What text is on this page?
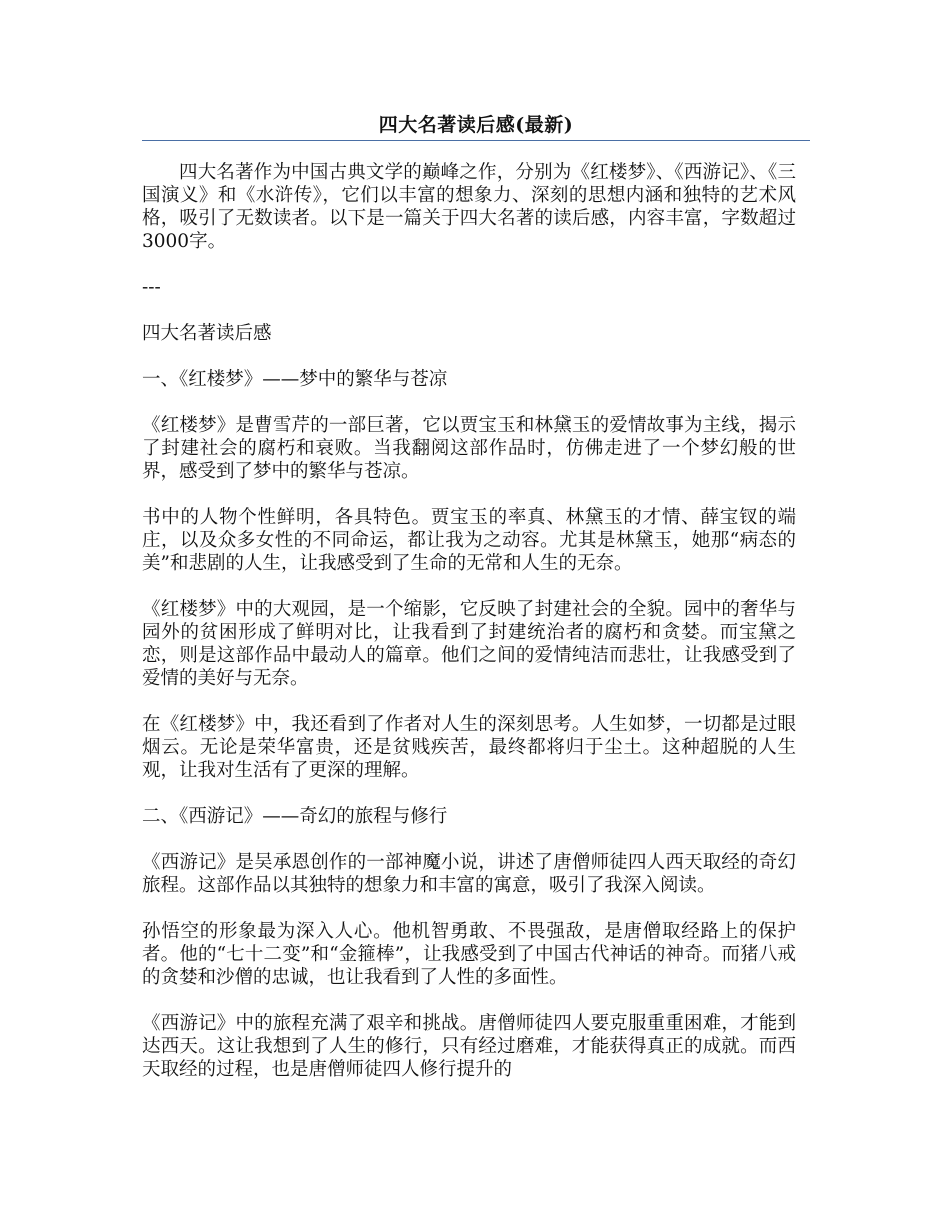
四大名著读后感(最新)

四大名著作为中国古典文学的巅峰之作，分别为《红楼梦》、《西游记》、《三国演义》和《水浒传》，它们以丰富的想象力、深刻的思想内涵和独特的艺术风格，吸引了无数读者。以下是一篇关于四大名著的读后感，内容丰富，字数超过3000字。

---

四大名著读后感

一、《红楼梦》——梦中的繁华与苍凉

《红楼梦》是曹雪芹的一部巨著，它以贾宝玉和林黛玉的爱情故事为主线，揭示了封建社会的腐朽和衰败。当我翻阅这部作品时，仿佛走进了一个梦幻般的世界，感受到了梦中的繁华与苍凉。

书中的人物个性鲜明，各具特色。贾宝玉的率真、林黛玉的才情、薛宝钗的端庄，以及众多女性的不同命运，都让我为之动容。尤其是林黛玉，她那“病态的美”和悲剧的人生，让我感受到了生命的无常和人生的无奈。

《红楼梦》中的大观园，是一个缩影，它反映了封建社会的全貌。园中的奢华与园外的贫困形成了鲜明对比，让我看到了封建统治者的腐朽和贪婪。而宝黛之恋，则是这部作品中最动人的篇章。他们之间的爱情纯洁而悲壮，让我感受到了爱情的美好与无奈。

在《红楼梦》中，我还看到了作者对人生的深刻思考。人生如梦，一切都是过眼烟云。无论是荣华富贵，还是贫贱疾苦，最终都将归于尘土。这种超脱的人生观，让我对生活有了更深的理解。

二、《西游记》——奇幻的旅程与修行

《西游记》是吴承恩创作的一部神魔小说，讲述了唐僧师徒四人西天取经的奇幻旅程。这部作品以其独特的想象力和丰富的寓意，吸引了我深入阅读。

孙悟空的形象最为深入人心。他机智勇敢、不畏强敌，是唐僧取经路上的保护者。他的“七十二变”和“金箍棒”，让我感受到了中国古代神话的神奇。而猪八戒的贪婪和沙僧的忠诚，也让我看到了人性的多面性。

《西游记》中的旅程充满了艰辛和挑战。唐僧师徒四人要克服重重困难，才能到达西天。这让我想到了人生的修行，只有经过磨难，才能获得真正的成就。而西天取经的过程，也是唐僧师徒四人修行提升的
